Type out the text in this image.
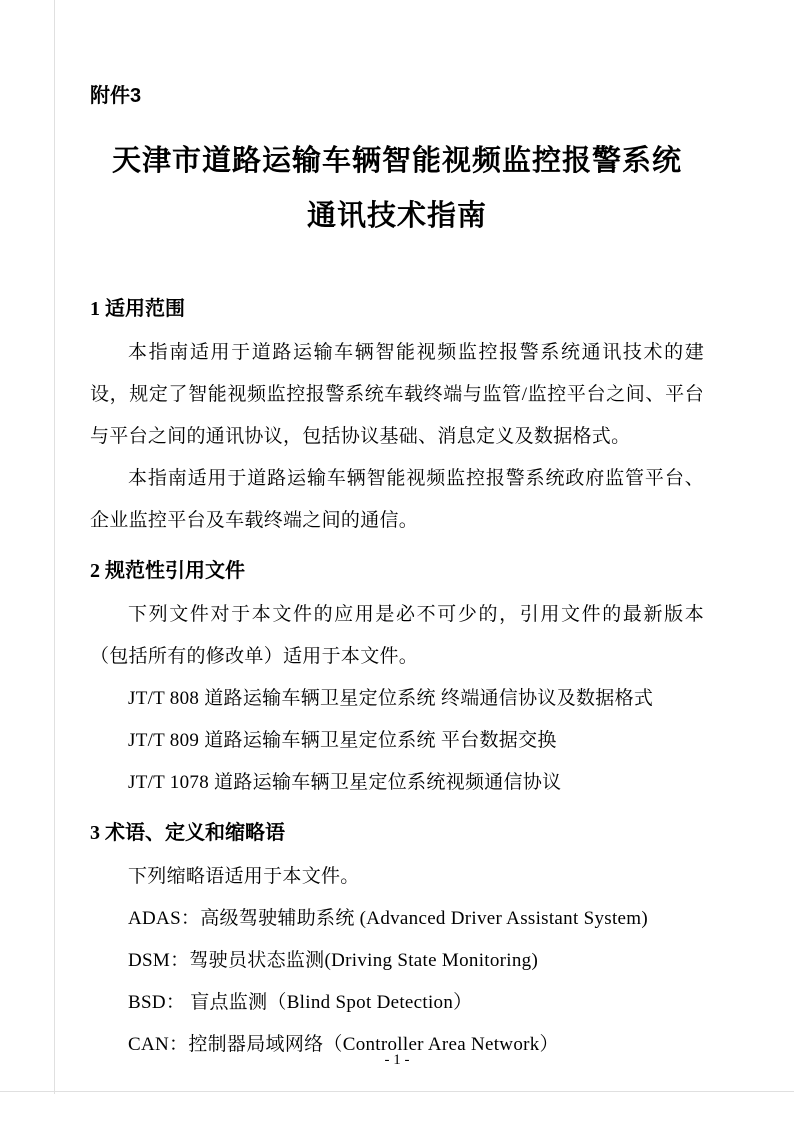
附件3
天津市道路运输车辆智能视频监控报警系统
通讯技术指南
1 适用范围

本指南适用于道路运输车辆智能视频监控报警系统通讯技术的建设，规定了智能视频监控报警系统车载终端与监管/监控平台之间、平台与平台之间的通讯协议，包括协议基础、消息定义及数据格式。

本指南适用于道路运输车辆智能视频监控报警系统政府监管平台、企业监控平台及车载终端之间的通信。

2 规范性引用文件

下列文件对于本文件的应用是必不可少的，引用文件的最新版本（包括所有的修改单）适用于本文件。

JT/T 808 道路运输车辆卫星定位系统 终端通信协议及数据格式

JT/T 809 道路运输车辆卫星定位系统 平台数据交换

JT/T 1078 道路运输车辆卫星定位系统视频通信协议

3 术语、定义和缩略语

下列缩略语适用于本文件。

ADAS：高级驾驶辅助系统 (Advanced Driver Assistant System)

DSM：驾驶员状态监测(Driving State Monitoring)

BSD： 盲点监测（Blind Spot Detection）

CAN：控制器局域网络（Controller Area Network）

- 1 -
